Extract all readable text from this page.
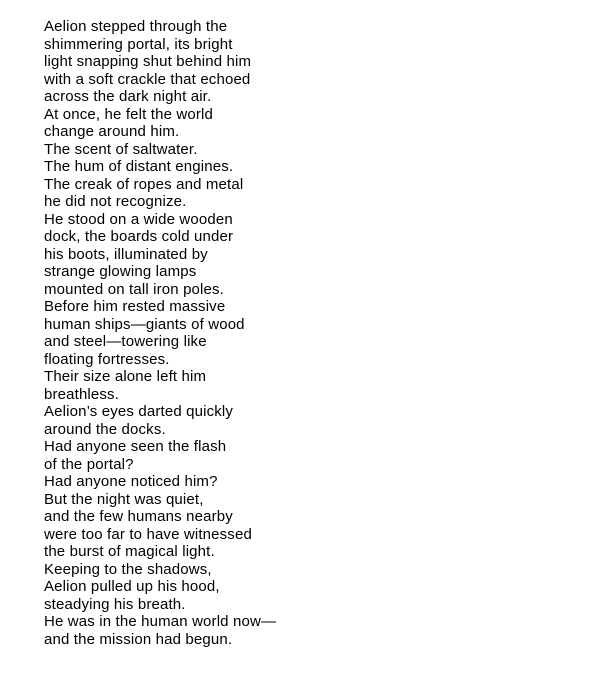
Aelion stepped through the
shimmering portal, its bright
light snapping shut behind him
with a soft crackle that echoed
across the dark night air.
At once, he felt the world
change around him.
The scent of saltwater.
The hum of distant engines.
The creak of ropes and metal
he did not recognize.
He stood on a wide wooden
dock, the boards cold under
his boots, illuminated by
strange glowing lamps
mounted on tall iron poles.
Before him rested massive
human ships—giants of wood
and steel—towering like
floating fortresses.
Their size alone left him
breathless.
Aelion’s eyes darted quickly
around the docks.
Had anyone seen the flash
of the portal?
Had anyone noticed him?
But the night was quiet,
and the few humans nearby
were too far to have witnessed
the burst of magical light.
Keeping to the shadows,
Aelion pulled up his hood,
steadying his breath.
He was in the human world now—
and the mission had begun.
